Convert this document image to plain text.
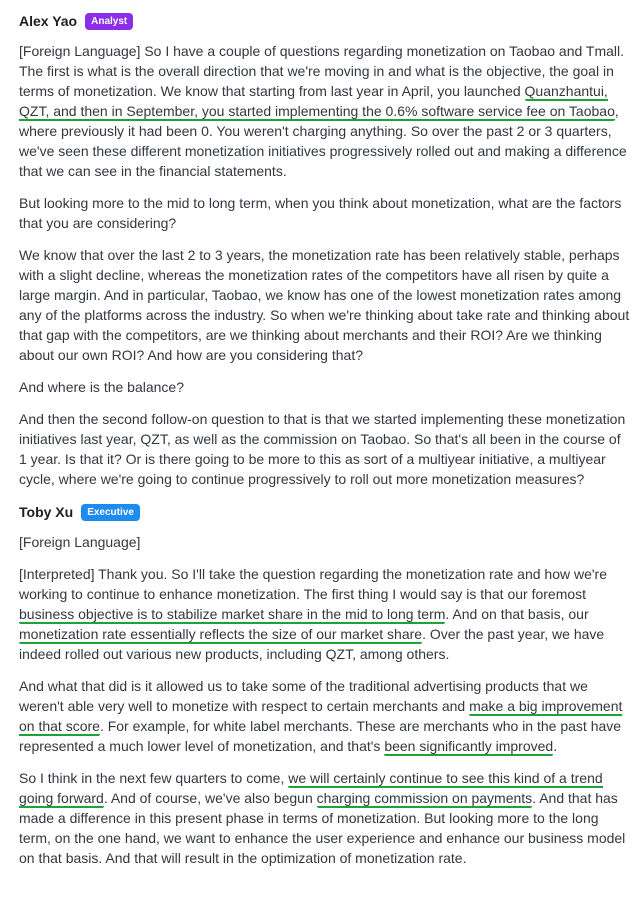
Alex Yao	Analyst

[Foreign Language] So I have a couple of questions regarding monetization on Taobao and Tmall. The first is what is the overall direction that we're moving in and what is the objective, the goal in terms of monetization. We know that starting from last year in April, you launched Quanzhantui, QZT, and then in September, you started implementing the 0.6% software service fee on Taobao, where previously it had been 0. You weren't charging anything. So over the past 2 or 3 quarters, we've seen these different monetization initiatives progressively rolled out and making a difference that we can see in the financial statements.

But looking more to the mid to long term, when you think about monetization, what are the factors that you are considering?

We know that over the last 2 to 3 years, the monetization rate has been relatively stable, perhaps with a slight decline, whereas the monetization rates of the competitors have all risen by quite a large margin. And in particular, Taobao, we know has one of the lowest monetization rates among any of the platforms across the industry. So when we're thinking about take rate and thinking about that gap with the competitors, are we thinking about merchants and their ROI? Are we thinking about our own ROI? And how are you considering that?

And where is the balance?

And then the second follow-on question to that is that we started implementing these monetization initiatives last year, QZT, as well as the commission on Taobao. So that's all been in the course of 1 year. Is that it? Or is there going to be more to this as sort of a multiyear initiative, a multiyear cycle, where we're going to continue progressively to roll out more monetization measures?

Toby Xu	Executive

[Foreign Language]

[Interpreted] Thank you. So I'll take the question regarding the monetization rate and how we're working to continue to enhance monetization. The first thing I would say is that our foremost business objective is to stabilize market share in the mid to long term. And on that basis, our monetization rate essentially reflects the size of our market share. Over the past year, we have indeed rolled out various new products, including QZT, among others.

And what that did is it allowed us to take some of the traditional advertising products that we weren't able very well to monetize with respect to certain merchants and make a big improvement on that score. For example, for white label merchants. These are merchants who in the past have represented a much lower level of monetization, and that's been significantly improved.

So I think in the next few quarters to come, we will certainly continue to see this kind of a trend going forward. And of course, we've also begun charging commission on payments. And that has made a difference in this present phase in terms of monetization. But looking more to the long term, on the one hand, we want to enhance the user experience and enhance our business model on that basis. And that will result in the optimization of monetization rate.
